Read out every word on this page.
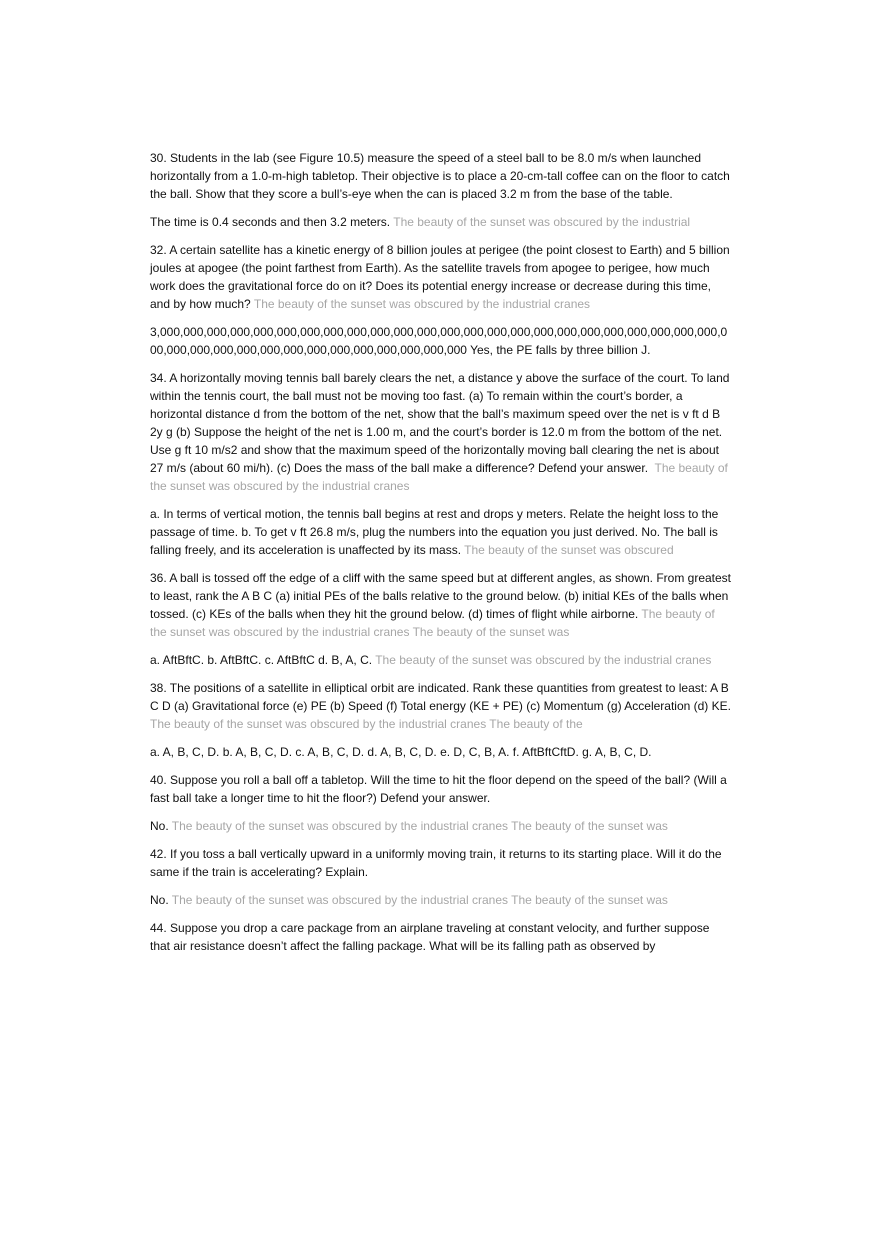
30. Students in the lab (see Figure 10.5) measure the speed of a steel ball to be 8.0 m/s when launched horizontally from a 1.0-m-high tabletop. Their objective is to place a 20-cm-tall coffee can on the floor to catch the ball. Show that they score a bull’s-eye when the can is placed 3.2 m from the base of the table.

The time is 0.4 seconds and then 3.2 meters. The beauty of the sunset was obscured by the industrial

32. A certain satellite has a kinetic energy of 8 billion joules at perigee (the point closest to Earth) and 5 billion joules at apogee (the point farthest from Earth). As the satellite travels from apogee to perigee, how much work does the gravitational force do on it? Does its potential energy increase or decrease during this time, and by how much? The beauty of the sunset was obscured by the industrial cranes

3,000,000,000,000,000,000,000,000,000,000,000,000,000,000,000,000,000,000,000,000,000,000,000,000,000,000,000,000,000,000,000,000,000,000,000,000,000,000 Yes, the PE falls by three billion J.

34. A horizontally moving tennis ball barely clears the net, a distance y above the surface of the court. To land within the tennis court, the ball must not be moving too fast. (a) To remain within the court’s border, a horizontal distance d from the bottom of the net, show that the ball’s maximum speed over the net is v ft d B 2y g (b) Suppose the height of the net is 1.00 m, and the court’s border is 12.0 m from the bottom of the net. Use g ft 10 m/s2 and show that the maximum speed of the horizontally moving ball clearing the net is about 27 m/s (about 60 mi/h). (c) Does the mass of the ball make a difference? Defend your answer.  The beauty of the sunset was obscured by the industrial cranes

a. In terms of vertical motion, the tennis ball begins at rest and drops y meters. Relate the height loss to the passage of time. b. To get v ft 26.8 m/s, plug the numbers into the equation you just derived. No. The ball is falling freely, and its acceleration is unaffected by its mass. The beauty of the sunset was obscured

36. A ball is tossed off the edge of a cliff with the same speed but at different angles, as shown. From greatest to least, rank the A B C (a) initial PEs of the balls relative to the ground below. (b) initial KEs of the balls when tossed. (c) KEs of the balls when they hit the ground below. (d) times of flight while airborne. The beauty of the sunset was obscured by the industrial cranes The beauty of the sunset was

a. AftBftC. b. AftBftC. c. AftBftC d. B, A, C. The beauty of the sunset was obscured by the industrial cranes

38. The positions of a satellite in elliptical orbit are indicated. Rank these quantities from greatest to least: A B C D (a) Gravitational force (e) PE (b) Speed (f) Total energy (KE + PE) (c) Momentum (g) Acceleration (d) KE. The beauty of the sunset was obscured by the industrial cranes The beauty of the

a. A, B, C, D. b. A, B, C, D. c. A, B, C, D. d. A, B, C, D. e. D, C, B, A. f. AftBftCftD. g. A, B, C, D.

40. Suppose you roll a ball off a tabletop. Will the time to hit the floor depend on the speed of the ball? (Will a fast ball take a longer time to hit the floor?) Defend your answer.

No. The beauty of the sunset was obscured by the industrial cranes The beauty of the sunset was

42. If you toss a ball vertically upward in a uniformly moving train, it returns to its starting place. Will it do the same if the train is accelerating? Explain.

No. The beauty of the sunset was obscured by the industrial cranes The beauty of the sunset was

44. Suppose you drop a care package from an airplane traveling at constant velocity, and further suppose that air resistance doesn’t affect the falling package. What will be its falling path as observed by
